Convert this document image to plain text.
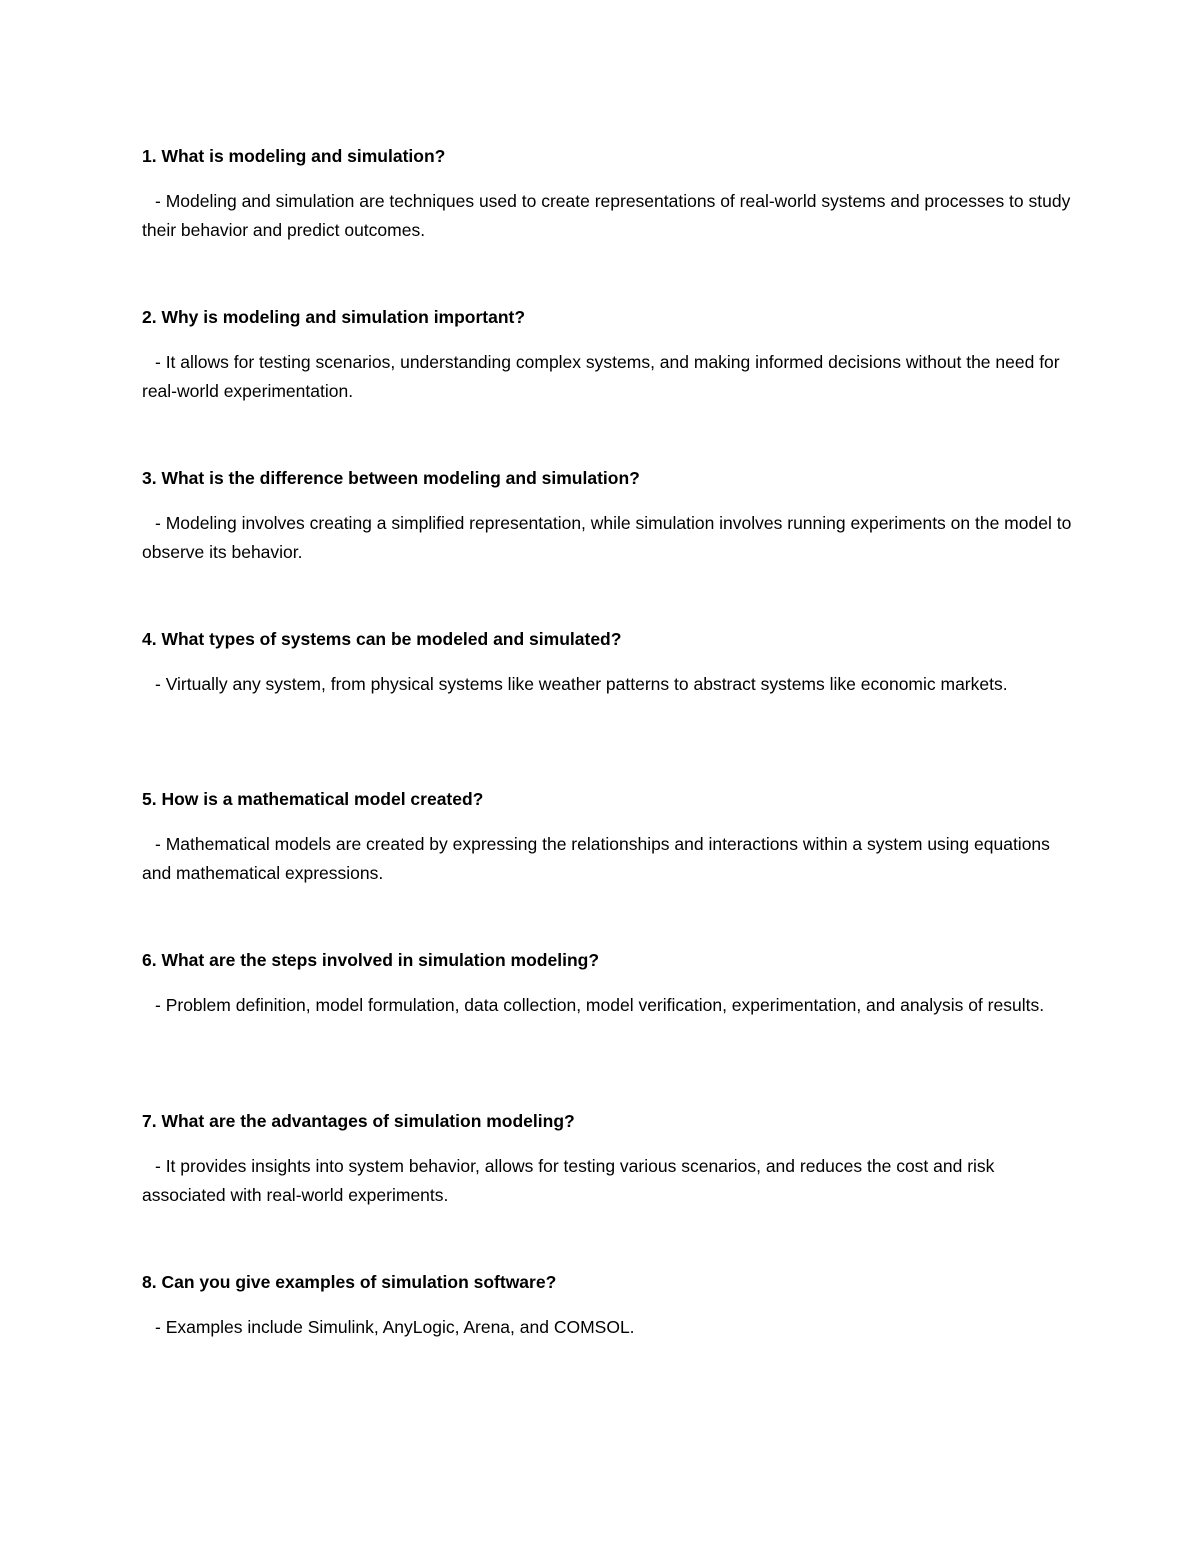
1. What is modeling and simulation?

- Modeling and simulation are techniques used to create representations of real-world systems and processes to study their behavior and predict outcomes.

2. Why is modeling and simulation important?

- It allows for testing scenarios, understanding complex systems, and making informed decisions without the need for real-world experimentation.

3. What is the difference between modeling and simulation?

- Modeling involves creating a simplified representation, while simulation involves running experiments on the model to observe its behavior.

4. What types of systems can be modeled and simulated?

- Virtually any system, from physical systems like weather patterns to abstract systems like economic markets.

5. How is a mathematical model created?

- Mathematical models are created by expressing the relationships and interactions within a system using equations and mathematical expressions.

6. What are the steps involved in simulation modeling?

- Problem definition, model formulation, data collection, model verification, experimentation, and analysis of results.

7. What are the advantages of simulation modeling?

- It provides insights into system behavior, allows for testing various scenarios, and reduces the cost and risk associated with real-world experiments.

8. Can you give examples of simulation software?

- Examples include Simulink, AnyLogic, Arena, and COMSOL.
